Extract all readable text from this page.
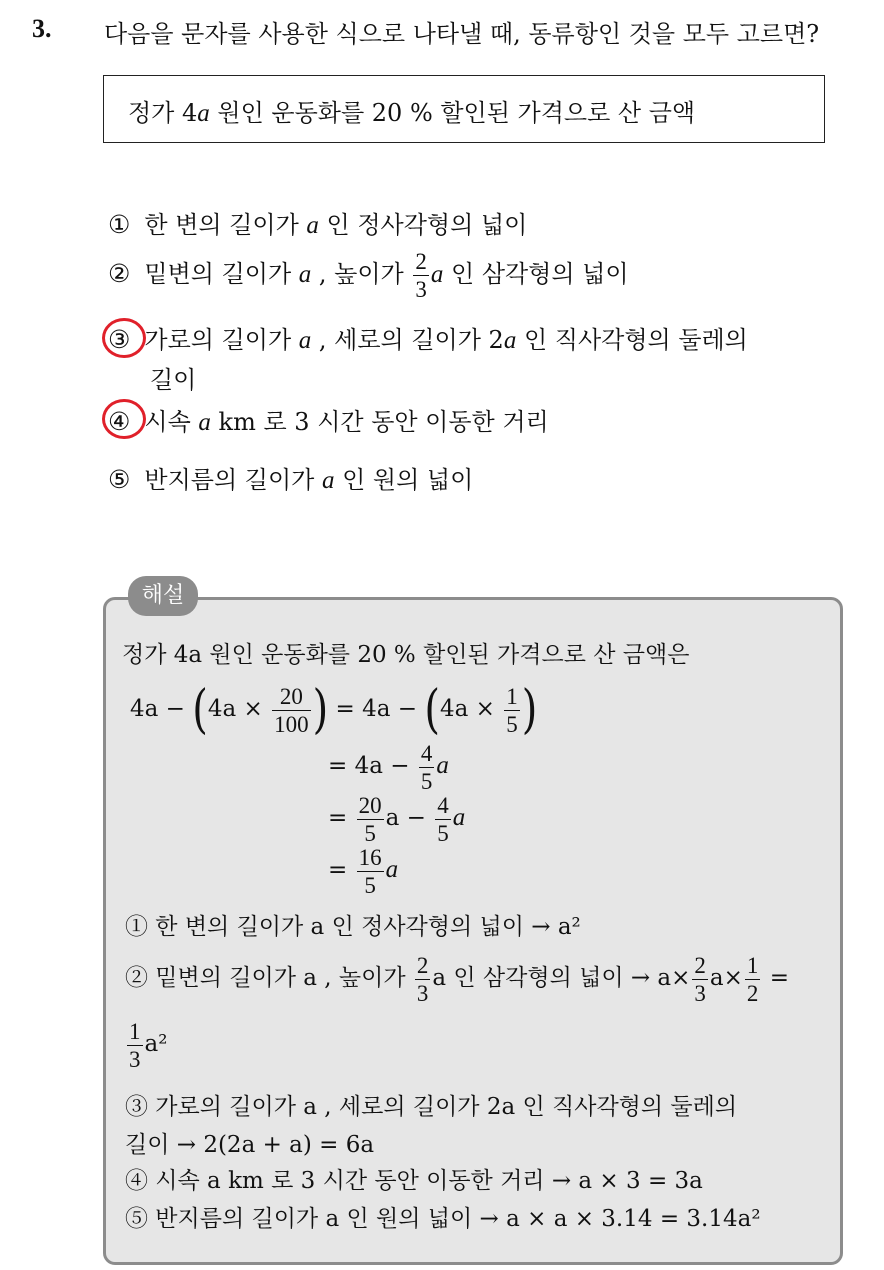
3. 다음을 문자를 사용한 식으로 나타낼 때, 동류항인 것을 모두 고르면?
정가 4a 원인 운동화를 20 % 할인된 가격으로 산 금액
① 한 변의 길이가 a 인 정사각형의 넓이
② 밑변의 길이가 a , 높이가 $\frac{2}{3}$ a 인 삼각형의 넓이
③ 가로의 길이가 a , 세로의 길이가 2a 인 직사각형의 둘레의
길이
④ 시속 a km 로 3 시간 동안 이동한 거리
⑤ 반지름의 길이가 a 인 원의 넓이
해설
정가 4a 원인 운동화를 20 % 할인된 가격으로 산 금액은
$4a - (4a \times \frac{20}{100}$ ) = $4a - (4a \times \frac{1}{5}$ )
= $4a - \frac{4}{5}$ a
= $\frac{20}{5}$ $a - \frac{4}{5}$ a
= $\frac{16}{5}$ a
① 한 변의 길이가 a 인 정사각형의 넓이 → a²
② 밑변의 길이가 a , 높이가 $\frac{2}{3}$ a 인 삼각형의 넓이 → $a\times \frac{2}{3} a\times \frac{1}{2}$ =
$\frac{1}{3} a^2$
③ 가로의 길이가 a , 세로의 길이가 2a 인 직사각형의 둘레의
길이 → 2(2a + a) = 6a
④ 시속 a km 로 3 시간 동안 이동한 거리 → a × 3 = 3a
⑤ 반지름의 길이가 a 인 원의 넓이 → a × a × 3.14 = 3.14a²
